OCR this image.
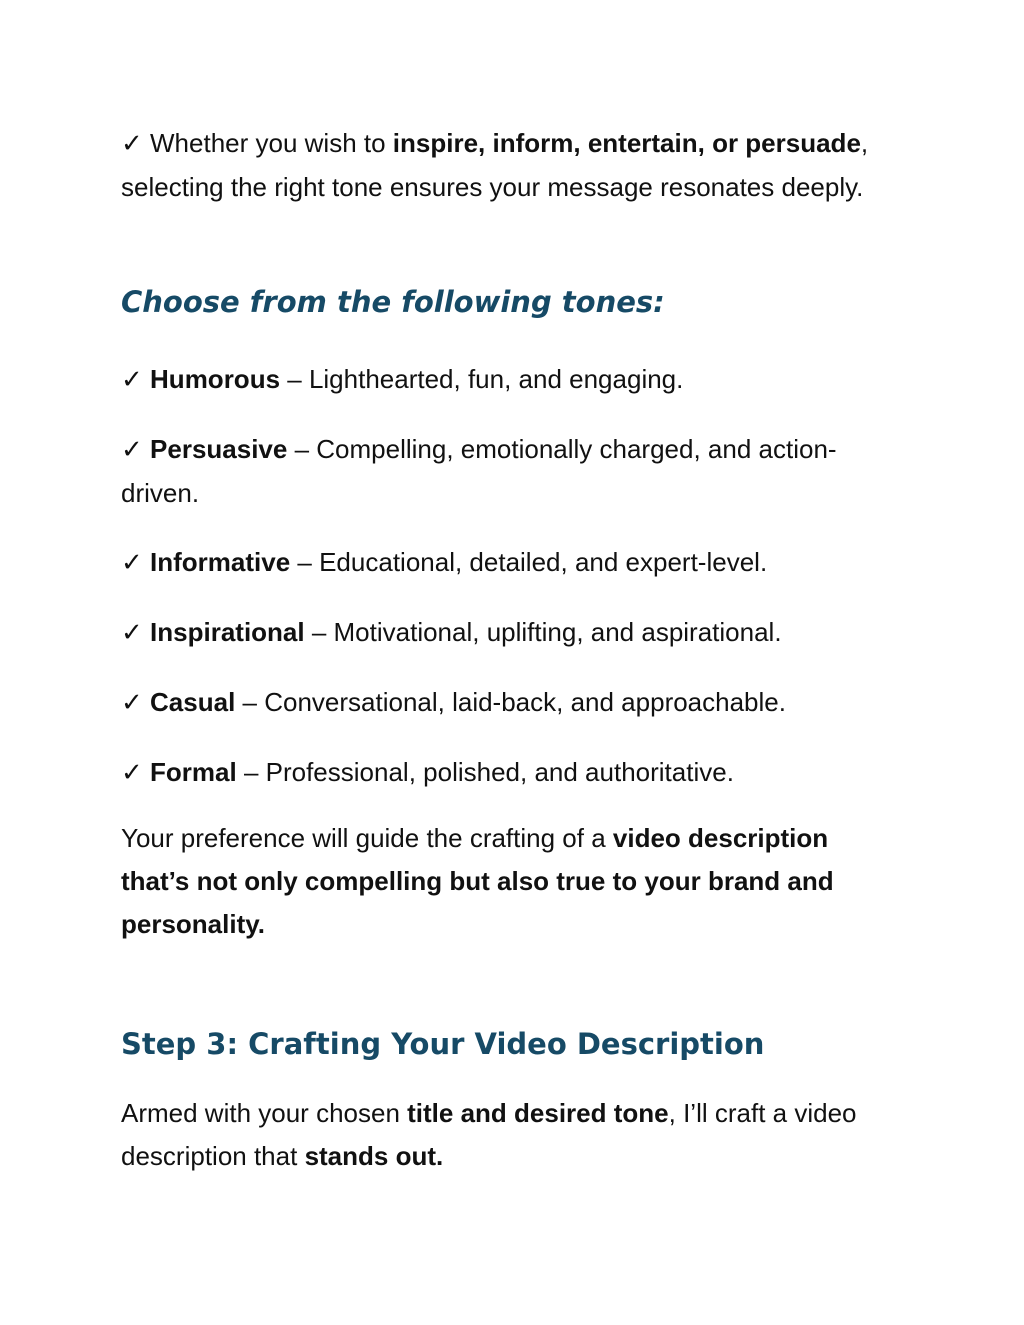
✓ Whether you wish to inspire, inform, entertain, or persuade, selecting the right tone ensures your message resonates deeply.

Choose from the following tones:

✓ Humorous – Lighthearted, fun, and engaging.

✓ Persuasive – Compelling, emotionally charged, and action-driven.

✓ Informative – Educational, detailed, and expert-level.

✓ Inspirational – Motivational, uplifting, and aspirational.

✓ Casual – Conversational, laid-back, and approachable.

✓ Formal – Professional, polished, and authoritative.

Your preference will guide the crafting of a video description that’s not only compelling but also true to your brand and personality.

Step 3: Crafting Your Video Description

Armed with your chosen title and desired tone, I’ll craft a video description that stands out.
